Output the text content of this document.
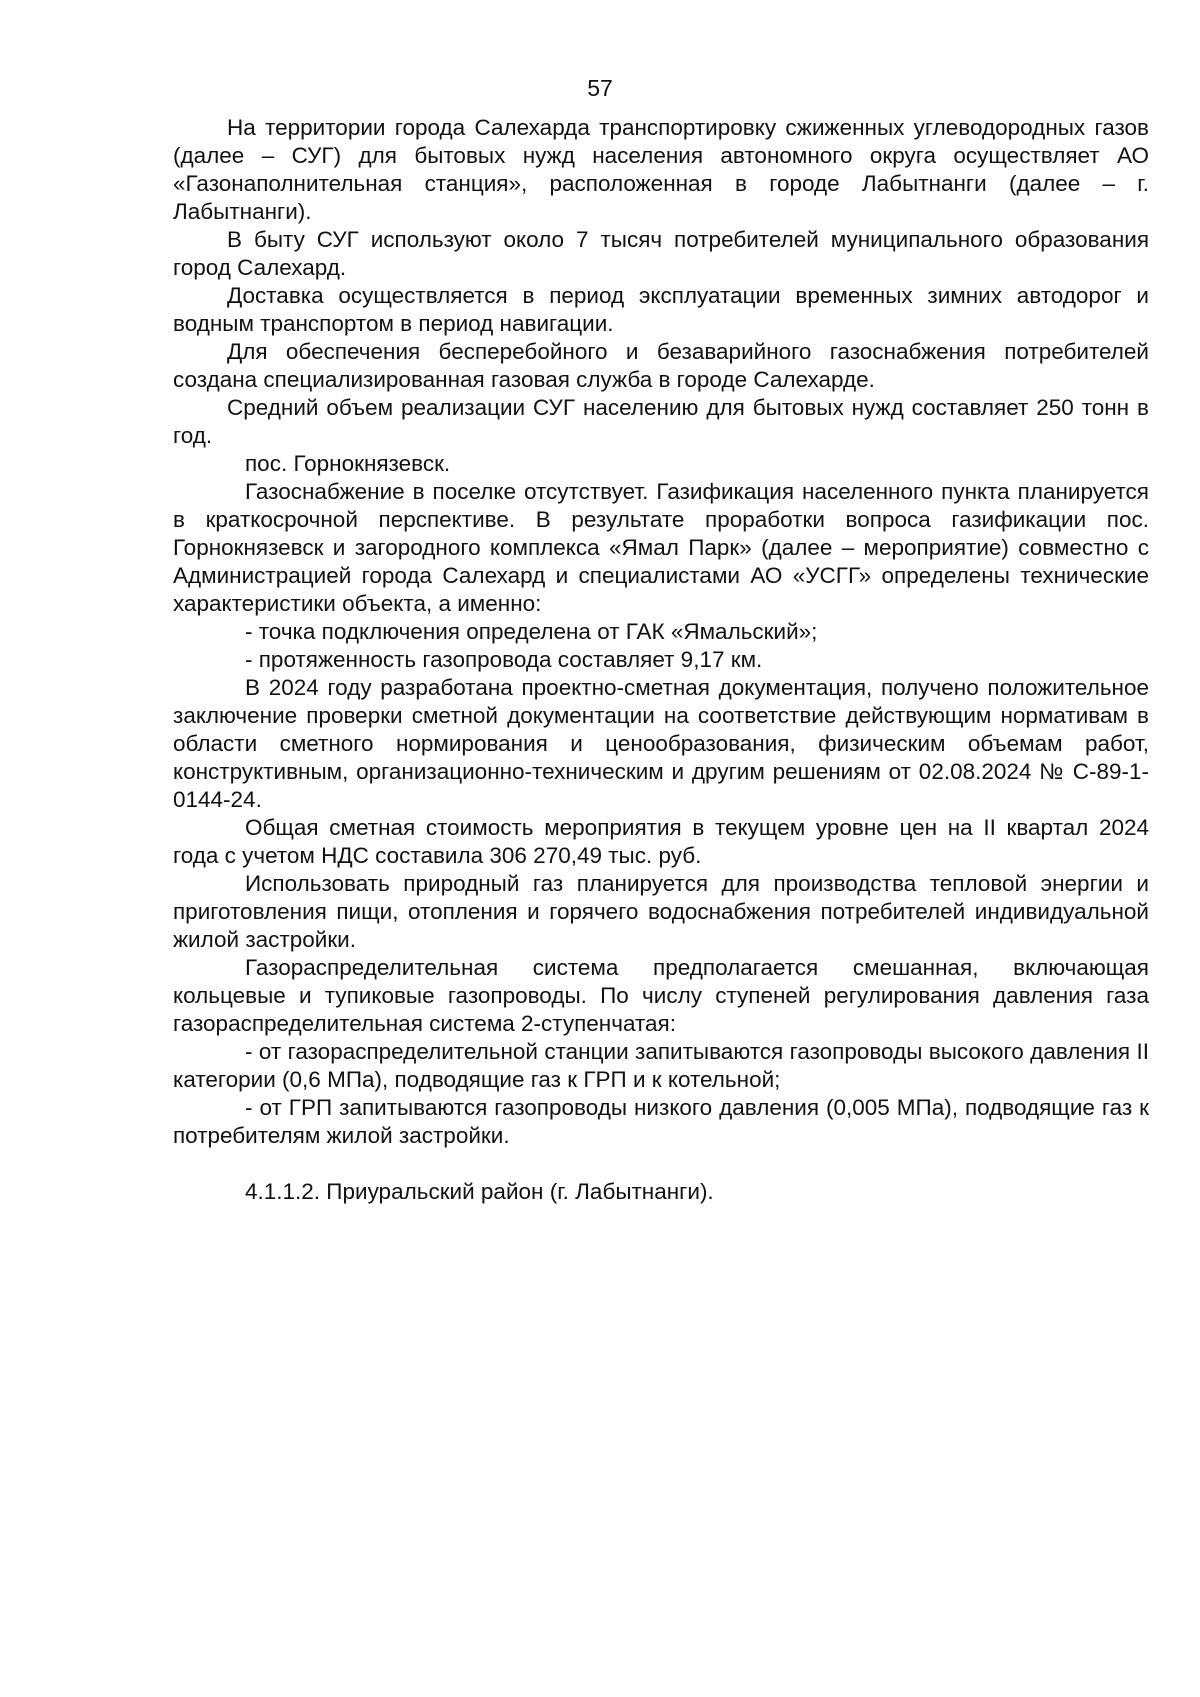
57

На территории города Салехарда транспортировку сжиженных углеводородных газов (далее – СУГ) для бытовых нужд населения автономного округа осуществляет АО «Газонаполнительная станция», расположенная в городе Лабытнанги (далее – г. Лабытнанги).

В быту СУГ используют около 7 тысяч потребителей муниципального образования город Салехард.

Доставка осуществляется в период эксплуатации временных зимних автодорог и водным транспортом в период навигации.

Для обеспечения бесперебойного и безаварийного газоснабжения потребителей создана специализированная газовая служба в городе Салехарде.

Средний объем реализации СУГ населению для бытовых нужд составляет 250 тонн в год.

пос. Горнокнязевск.

Газоснабжение в поселке отсутствует. Газификация населенного пункта планируется в краткосрочной перспективе. В результате проработки вопроса газификации пос. Горнокнязевск и загородного комплекса «Ямал Парк» (далее – мероприятие) совместно с Администрацией города Салехард и специалистами АО «УСГГ» определены технические характеристики объекта, а именно:

- точка подключения определена от ГАК «Ямальский»;

- протяженность газопровода составляет 9,17 км.

В 2024 году разработана проектно-сметная документация, получено положительное заключение проверки сметной документации на соответствие действующим нормативам в области сметного нормирования и ценообразования, физическим объемам работ, конструктивным, организационно-техническим и другим решениям от 02.08.2024 № С-89-1-0144-24.

Общая сметная стоимость мероприятия в текущем уровне цен на II квартал 2024 года с учетом НДС составила 306 270,49 тыс. руб.

Использовать природный газ планируется для производства тепловой энергии и приготовления пищи, отопления и горячего водоснабжения потребителей индивидуальной жилой застройки.

Газораспределительная система предполагается смешанная, включающая кольцевые и тупиковые газопроводы. По числу ступеней регулирования давления газа газораспределительная система 2-ступенчатая:

- от газораспределительной станции запитываются газопроводы высокого давления II категории (0,6 МПа), подводящие газ к ГРП и к котельной;

- от ГРП запитываются газопроводы низкого давления (0,005 МПа), подводящие газ к потребителям жилой застройки.

4.1.1.2. Приуральский район (г. Лабытнанги).
